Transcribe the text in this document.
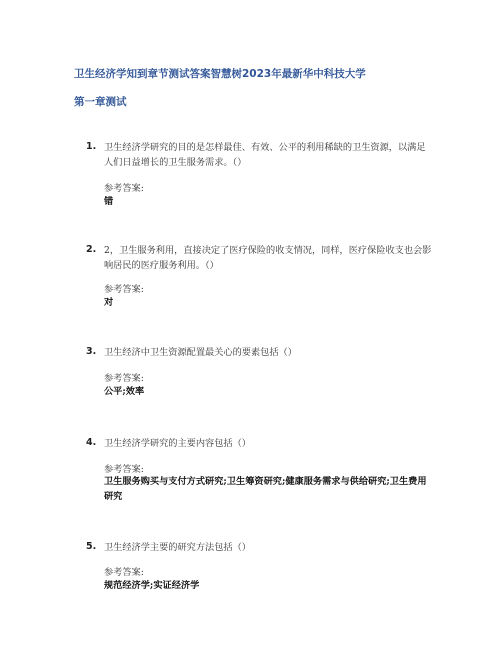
卫生经济学知到章节测试答案智慧树2023年最新华中科技大学
第一章测试
1. 卫生经济学研究的目的是怎样最佳、有效、公平的利用稀缺的卫生资源，以满足人们日益增长的卫生服务需求。（）
参考答案:
错
2. 2，卫生服务利用，直接决定了医疗保险的收支情况，同样，医疗保险收支也会影响居民的医疗服务利用。（）
参考答案:
对
3. 卫生经济中卫生资源配置最关心的要素包括（）
参考答案:
公平;效率
4. 卫生经济学研究的主要内容包括（）
参考答案:
卫生服务购买与支付方式研究;卫生筹资研究;健康服务需求与供给研究;卫生费用研究
5. 卫生经济学主要的研究方法包括（）
参考答案:
规范经济学;实证经济学
